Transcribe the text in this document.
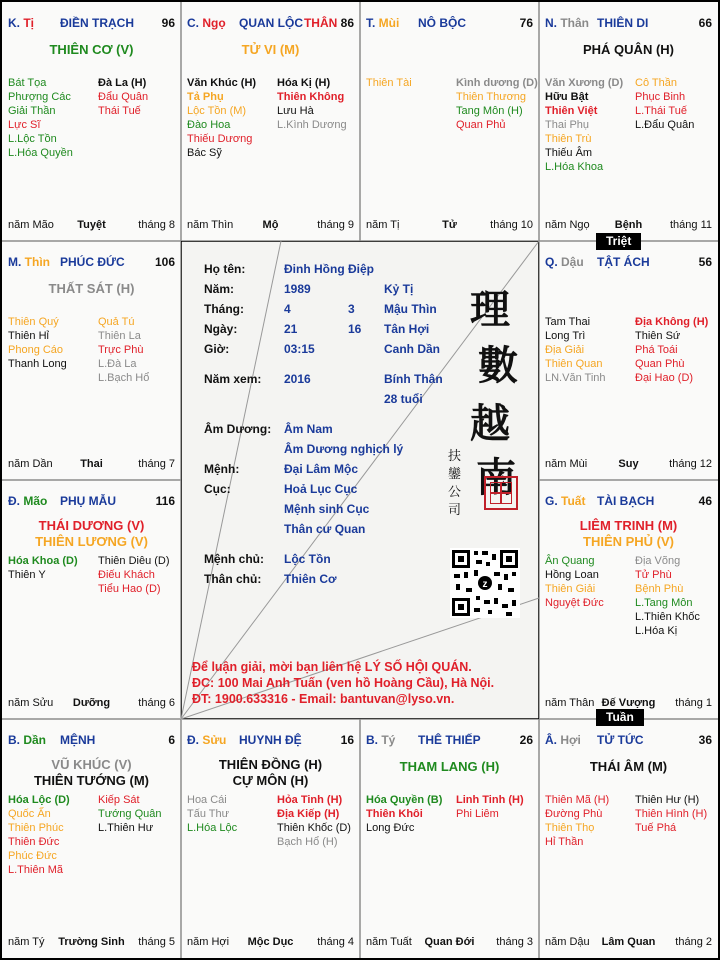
K. Tị ĐIỀN TRẠCH 96
THIÊN CƠ (V)
Bát Tọa
Phượng Các
Giải Thần
Lực Sĩ
L.Lộc Tồn
L.Hóa Quyền
Đà La (H)
Đẩu Quân
Thái Tuế
năm Mão	Tuyệt	tháng 8
C. Ngọ QUAN LỘC THÂN 86
TỬ VI (M)
Văn Khúc (H)
Tả Phụ
Lộc Tồn (M)
Đào Hoa
Thiếu Dương
Bác Sỹ
Hóa Kị (H)
Thiên Không
Lưu Hà
L.Kình Dương
năm Thìn	Mộ	tháng 9
T. Mùi NÔ BỘC	76
Thiên Tài	Kình dương (D)
Thiên Thương
Tang Môn (H)
Quan Phủ
năm Tị	Tử	tháng 10
N. Thân THIÊN DI	66
PHÁ QUÂN (H)
Văn Xương (D)
Hữu Bật
Thiên Việt
Thai Phụ
Thiên Trù
Thiếu Âm
L.Hóa Khoa
Cô Thần
Phục Binh
L.Thái Tuế
L.Đẩu Quân
năm Ngọ	Bệnh	tháng 11
Q. Dậu TẬT ÁCH	56
Tam Thai
Long Trì
Địa Giải
Thiên Quan
LN.Văn Tinh
Địa Không (H)
Thiên Sứ
Phá Toái
Quan Phù
Đại Hao (D)
năm Mùi	Suy	tháng 12
G. Tuất TÀI BẠCH	46
LIÊM TRINH (M)
THIÊN PHỦ (V)
Ân Quang
Hồng Loan
Thiên Giải
Nguyệt Đức
Địa Võng
Tử Phù
Bệnh Phù
L.Tang Môn
L.Thiên Khốc
L.Hóa Kị
năm Thân Đế Vượng	tháng 1
Â. Hợi TỬ TỨC	36
THÁI ÂM (M)
Thiên Mã (H)
Đường Phù
Thiên Thọ
Hỉ Thần
Thiên Hư (H)
Thiên Hình (H)
Tuế Phá
năm Dậu	Lâm Quan	tháng 2
B. Tý THÊ THIẾP	26
THAM LANG (H)
Hóa Quyền (B)
Thiên Khôi
Long Đức
Linh Tinh (H)
Phi Liêm
năm Tuất	Quan Đới	tháng 3
Đ. Sửu HUYNH ĐỆ	16
THIÊN ĐỒNG (H)
CỰ MÔN (H)
Hoa Cái
Tấu Thư
L.Hóa Lộc
Hỏa Tinh (H)
Địa Kiếp (H)
Thiên Khốc (D)
Bạch Hổ (H)
năm Hợi	Mộc Dục	tháng 4
B. Dần MỆNH	6
VŨ KHÚC (V)
THIÊN TƯỚNG (M)
Hóa Lộc (D)
Quốc Ấn
Thiên Phúc
Thiên Đức
Phúc Đức
L.Thiên Mã
Kiếp Sát
Tướng Quân
L.Thiên Hư
năm Tý	Trường Sinh	tháng 5
Đ. Mão PHỤ MẪU	116
THÁI DƯƠNG (V)
THIÊN LƯƠNG (V)
Hóa Khoa (D)
Thiên Y
Thiên Diêu (D)
Điếu Khách
Tiểu Hao (D)
năm Sửu	Dưỡng	tháng 6
M. Thìn PHÚC ĐỨC	106
THẤT SÁT (H)
Thiên Quý
Thiên Hỉ
Phong Cáo
Thanh Long
Quả Tú
Thiên La
Trực Phù
L.Đà La
L.Bạch Hổ
năm Dần	Thai	tháng 7
Họ tên:	Đinh Hồng Điệp
Năm:	1989	Kỷ Tị
Tháng:	4	3 Mậu Thìn
Ngày:	21	16 Tân Hợi
Giờ:	03:15	Canh Dần
Năm xem: 2016	Bính Thân
28 tuổi
Âm Dương: Âm Nam
Âm Dương nghịch lý
Mệnh:	Đại Lâm Mộc
Cục:	Hoả Lục Cục
Mệnh sinh Cục
Thân cư Quan
Mệnh chủ: Lộc Tồn
Thân chủ: Thiên Cơ
理
數
越
南
扶鑾公司
z
Để luận giải, mời bạn liên hệ LÝ SỐ HỘI QUÁN.
ĐC: 100 Mai Anh Tuấn (ven hồ Hoàng Cầu), Hà Nội.
ĐT: 1900.633316 - Email: bantuvan@lyso.vn.
Triệt
Tuần
